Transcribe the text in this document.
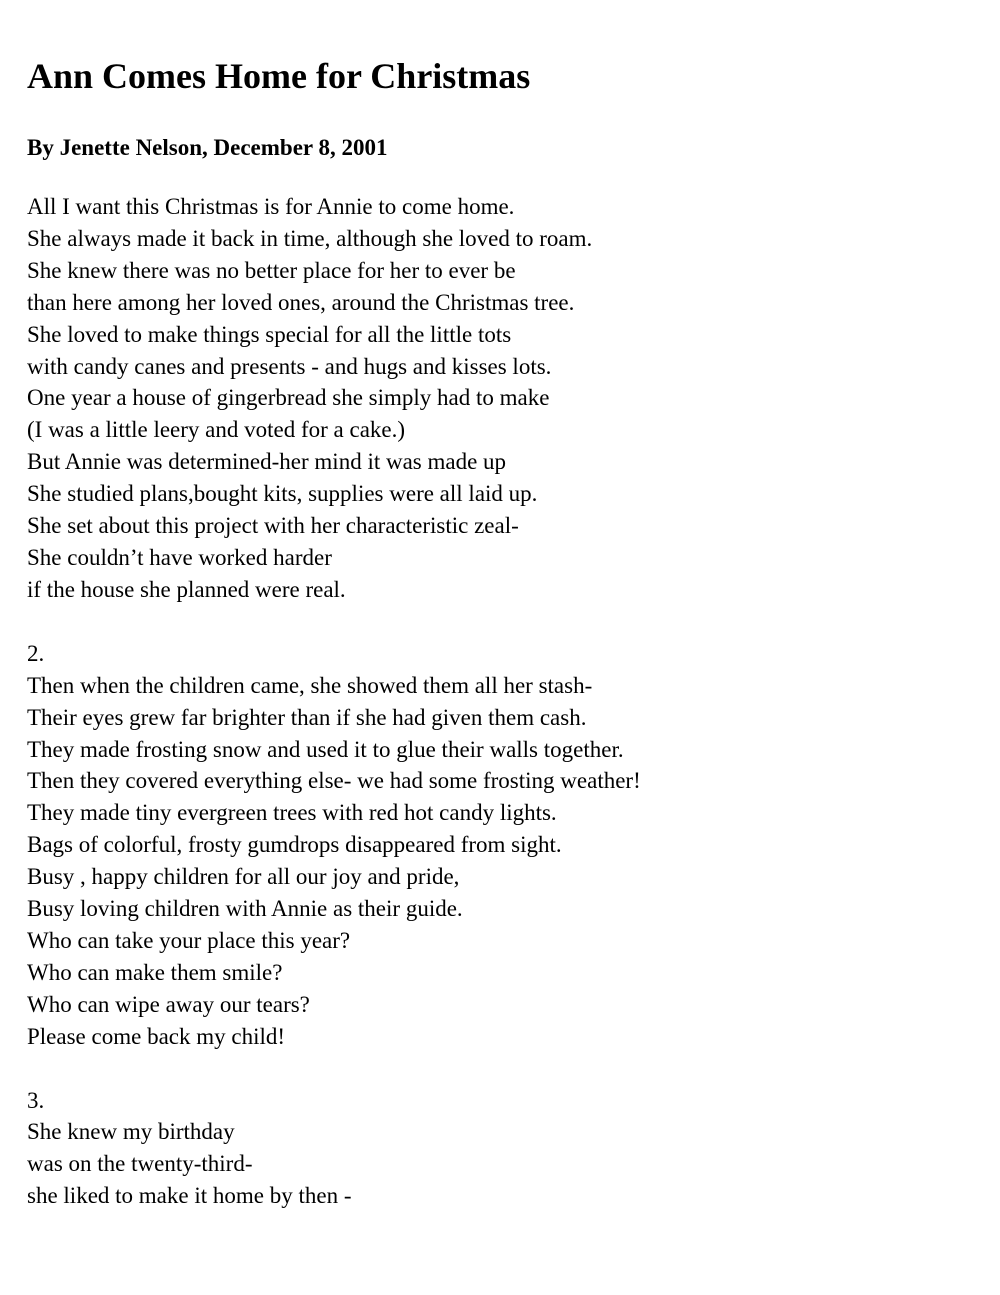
Ann Comes Home for Christmas
By Jenette Nelson, December 8, 2001
All I want this Christmas is for Annie to come home.
She always made it back in time, although she loved to roam.
She knew there was no better place for her to ever be
than here among her loved ones, around the Christmas tree.
She loved to make things special for all the little tots
with candy canes and presents - and hugs and kisses lots.
One year a house of gingerbread she simply had to make
(I was a little leery and voted for a cake.)
But Annie was determined-her mind it was made up
She studied plans,bought kits, supplies were all laid up.
She set about this project with her characteristic zeal-
She couldn’t have worked harder
if the house she planned were real.
2.
Then when the children came, she showed them all her stash-
Their eyes grew far brighter than if she had given them cash.
They made frosting snow and used it to glue their walls together.
Then they covered everything else- we had some frosting weather!
They made tiny evergreen trees with red hot candy lights.
Bags of colorful, frosty gumdrops disappeared from sight.
Busy , happy children for all our joy and pride,
Busy loving children with Annie as their guide.
Who can take your place this year?
Who can make them smile?
Who can wipe away our tears?
Please come back my child!
3.
She knew my birthday
was on the twenty-third-
she liked to make it home by then -
